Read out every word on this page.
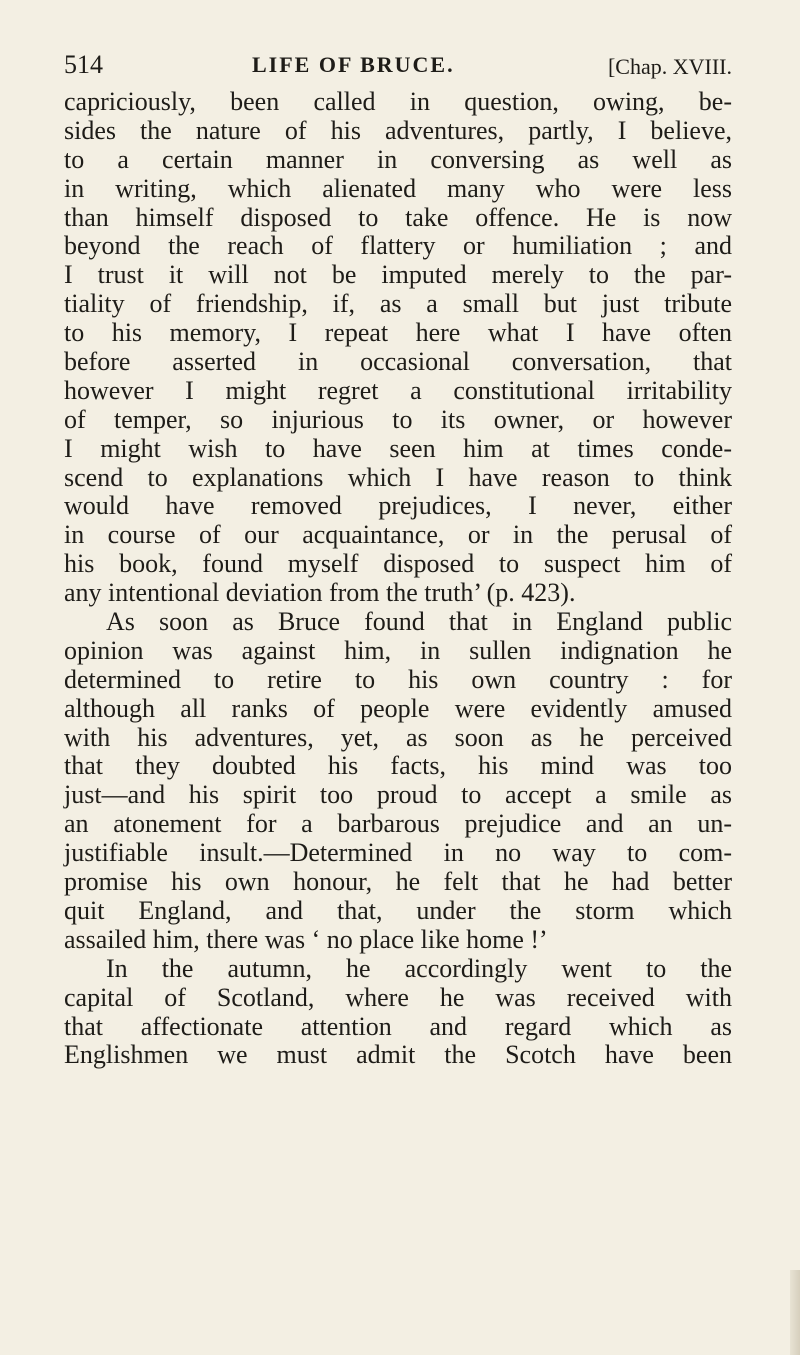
514	LIFE OF BRUCE.	[Chap. XVIII.
capriciously, been called in question, owing, be-
sides the nature of his adventures, partly, I believe,
to a certain manner in conversing as well as
in writing, which alienated many who were less
than himself disposed to take offence. He is now
beyond the reach of flattery or humiliation ; and
I trust it will not be imputed merely to the par-
tiality of friendship, if, as a small but just tribute
to his memory, I repeat here what I have often
before asserted in occasional conversation, that
however I might regret a constitutional irritability
of temper, so injurious to its owner, or however
I might wish to have seen him at times conde-
scend to explanations which I have reason to think
would have removed prejudices, I never, either
in course of our acquaintance, or in the perusal of
his book, found myself disposed to suspect him of
any intentional deviation from the truth’ (p. 423).
As soon as Bruce found that in England public
opinion was against him, in sullen indignation he
determined to retire to his own country : for
although all ranks of people were evidently amused
with his adventures, yet, as soon as he perceived
that they doubted his facts, his mind was too
just—and his spirit too proud to accept a smile as
an atonement for a barbarous prejudice and an un-
justifiable insult.—Determined in no way to com-
promise his own honour, he felt that he had better
quit England, and that, under the storm which
assailed him, there was ‘ no place like home !’
In the autumn, he accordingly went to the
capital of Scotland, where he was received with
that affectionate attention and regard which as
Englishmen we must admit the Scotch have been
